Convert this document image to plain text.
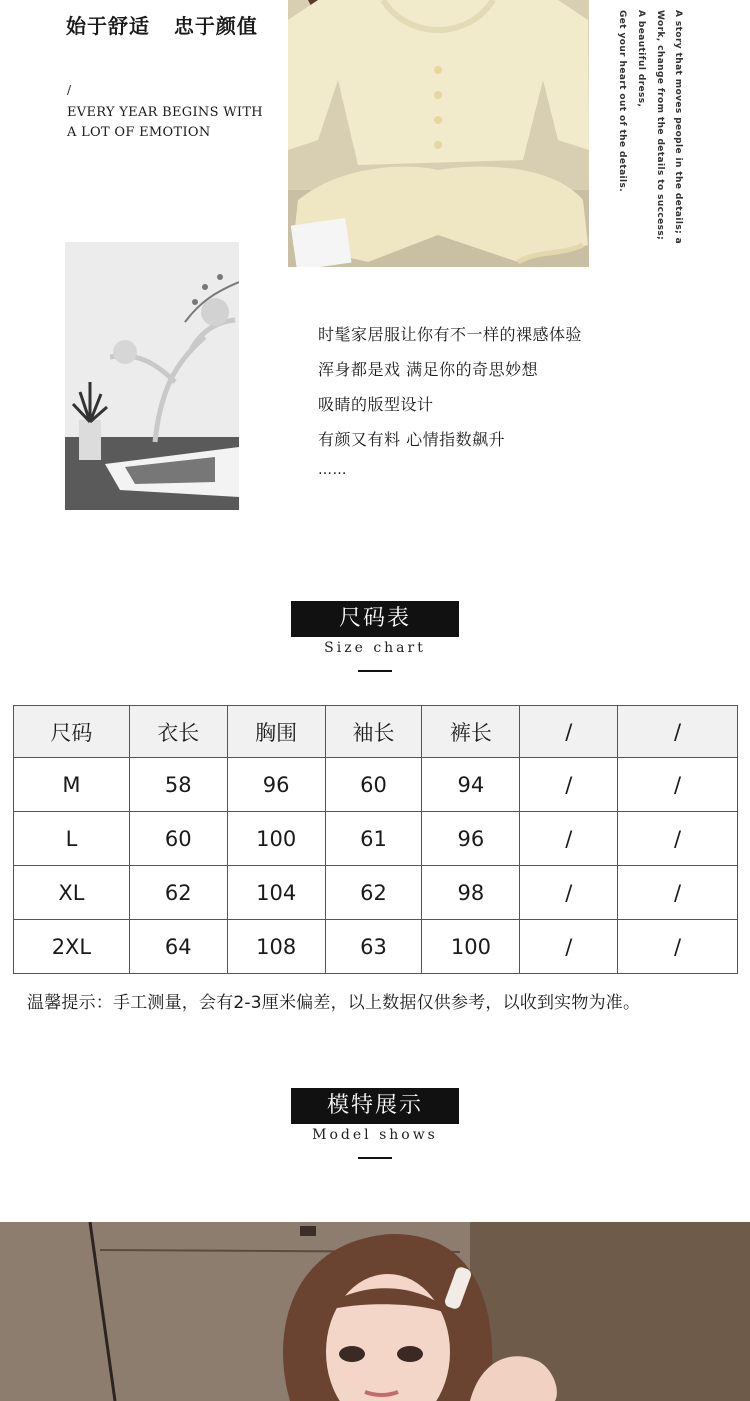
始于舒适   忠于颜值
/
EVERY YEAR BEGINS WITH
A LOT OF EMOTION	A story that moves people in the details; a
Work, change from the details to success;
A beautiful dress,
Get your heart out of the details.
时髦家居服让你有不一样的裸感体验
浑身都是戏 满足你的奇思妙想
吸睛的版型设计
有颜又有料 心情指数飙升
……
尺码表
Size chart
尺码	衣长	胸围	袖长	裤长	/	/
M	58	96	60	94	/	/
L	60	100	61	96	/	/
XL	62	104	62	98	/	/
2XL	64	108	63	100	/	/
温馨提示：手工测量，会有2-3厘米偏差，以上数据仅供参考，以收到实物为准。
模特展示
Model shows
